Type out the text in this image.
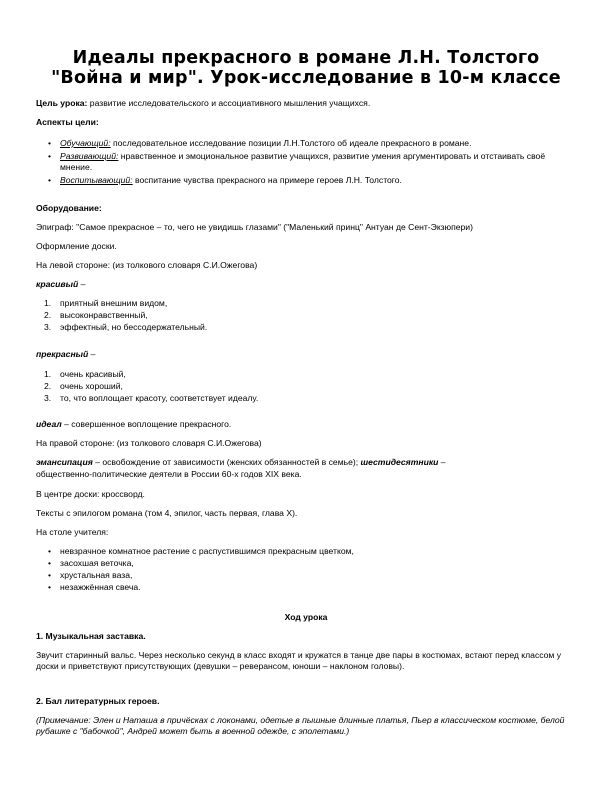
Идеалы прекрасного в романе Л.Н. Толстого "Война и мир". Урок-исследование в 10-м классе
Цель урока: развитие исследовательского и ассоциативного мышления учащихся.
Аспекты цели:
• Обучающий: последовательное исследование позиции Л.Н.Толстого об идеале прекрасного в романе.
• Развивающий: нравственное и эмоциональное развитие учащихся, развитие умения аргументировать и отстаивать своё мнение.
• Воспитывающий: воспитание чувства прекрасного на примере героев Л.Н. Толстого.
Оборудование:
Эпиграф: "Самое прекрасное – то, чего не увидишь глазами" ("Маленький принц" Антуан де Сент-Экзюпери)
Оформление доски.
На левой стороне: (из толкового словаря С.И.Ожегова)
красивый –
1. приятный внешним видом,
2. высоконравственный,
3. эффектный, но бессодержательный.
прекрасный –
1. очень красивый,
2. очень хороший,
3. то, что воплощает красоту, соответствует идеалу.
идеал – совершенное воплощение прекрасного.
На правой стороне: (из толкового словаря С.И.Ожегова)
эмансипация – освобождение от зависимости (женских обязанностей в семье); шестидесятники –
общественно-политические деятели в России 60-х годов XIX века.
В центре доски: кроссворд.
Тексты с эпилогом романа (том 4, эпилог, часть первая, глава X).
На столе учителя:
• невзрачное комнатное растение с распустившимся прекрасным цветком,
• засохшая веточка,
• хрустальная ваза,
• незажжённая свеча.
Ход урока
1. Музыкальная заставка.
Звучит старинный вальс. Через несколько секунд в класс входят и кружатся в танце две пары в костюмах, встают перед классом у доски и приветствуют присутствующих (девушки – реверансом, юноши – наклоном головы).
2. Бал литературных героев.
(Примечание: Элен и Наташа в причёсках с локонами, одетые в пышные длинные платья, Пьер в классическом костюме, белой рубашке с "бабочкой", Андрей может быть в военной одежде, с эполетами.)
